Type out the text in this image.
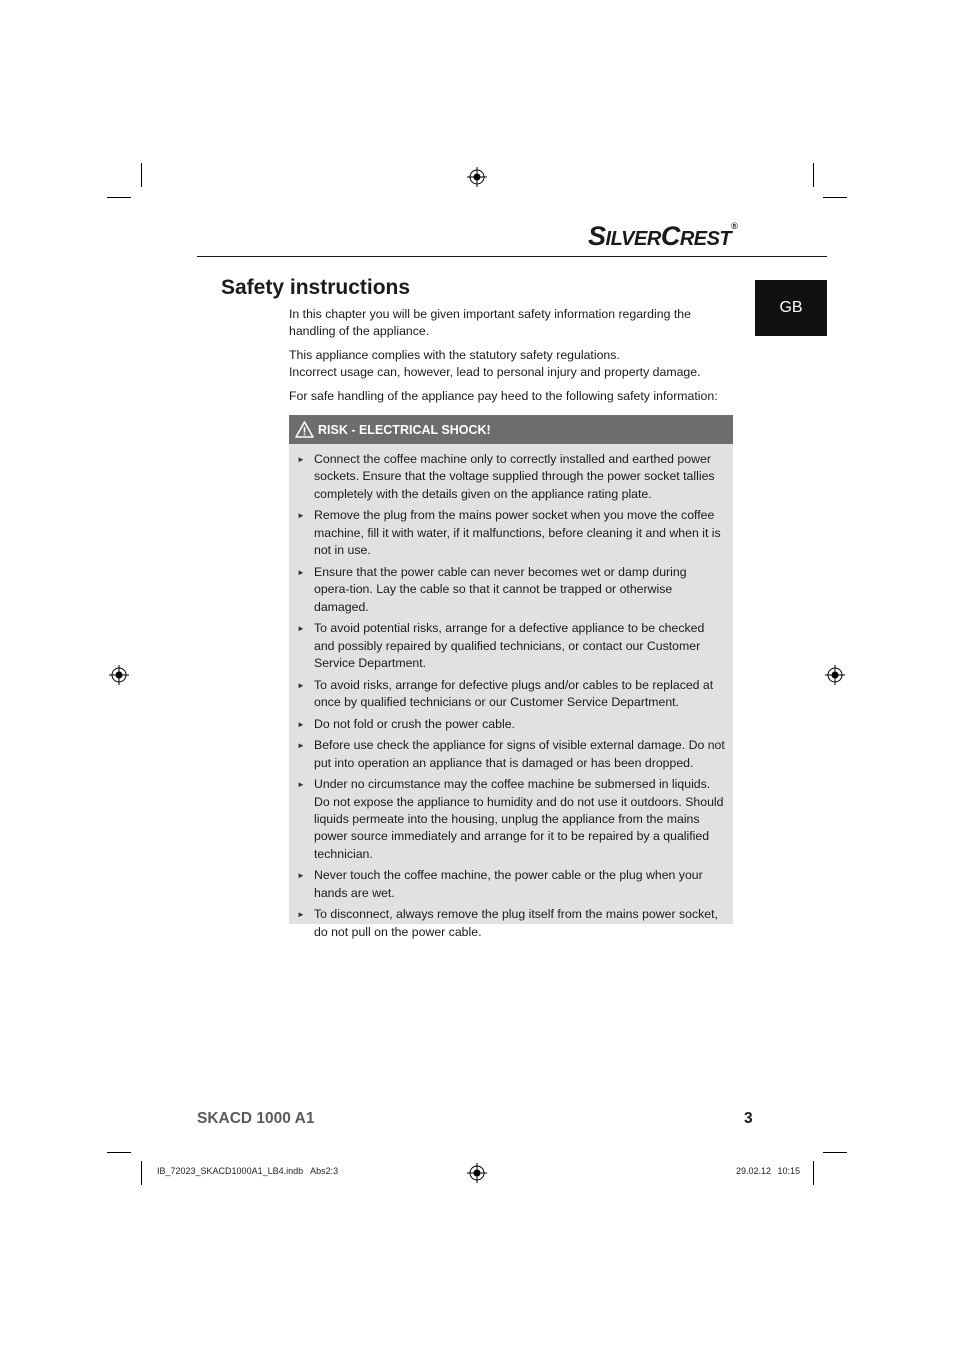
SILVERCREST®
GB
Safety instructions

In this chapter you will be given important safety information regarding the handling of the appliance.

This appliance complies with the statutory safety regulations.
Incorrect usage can, however, lead to personal injury and property damage.

For safe handling of the appliance pay heed to the following safety information:

RISK - ELECTRICAL SHOCK!
► Connect the coffee machine only to correctly installed and earthed power sockets. Ensure that the voltage supplied through the power socket tallies completely with the details given on the appliance rating plate.
► Remove the plug from the mains power socket when you move the coffee machine, fill it with water, if it malfunctions, before cleaning it and when it is not in use.
► Ensure that the power cable can never becomes wet or damp during opera-tion. Lay the cable so that it cannot be trapped or otherwise damaged.
► To avoid potential risks, arrange for a defective appliance to be checked and possibly repaired by qualified technicians, or contact our Customer Service Department.
► To avoid risks, arrange for defective plugs and/or cables to be replaced at once by qualified technicians or our Customer Service Department.
► Do not fold or crush the power cable.
► Before use check the appliance for signs of visible external damage. Do not put into operation an appliance that is damaged or has been dropped.
► Under no circumstance may the coffee machine be submersed in liquids. Do not expose the appliance to humidity and do not use it outdoors. Should liquids permeate into the housing, unplug the appliance from the mains power source immediately and arrange for it to be repaired by a qualified technician.
► Never touch the coffee machine, the power cable or the plug when your hands are wet.
► To disconnect, always remove the plug itself from the mains power socket, do not pull on the power cable.
SKACD 1000 A1	3
IB_72023_SKACD1000A1_LB4.indb   Abs2:3	29.02.12 10:15
